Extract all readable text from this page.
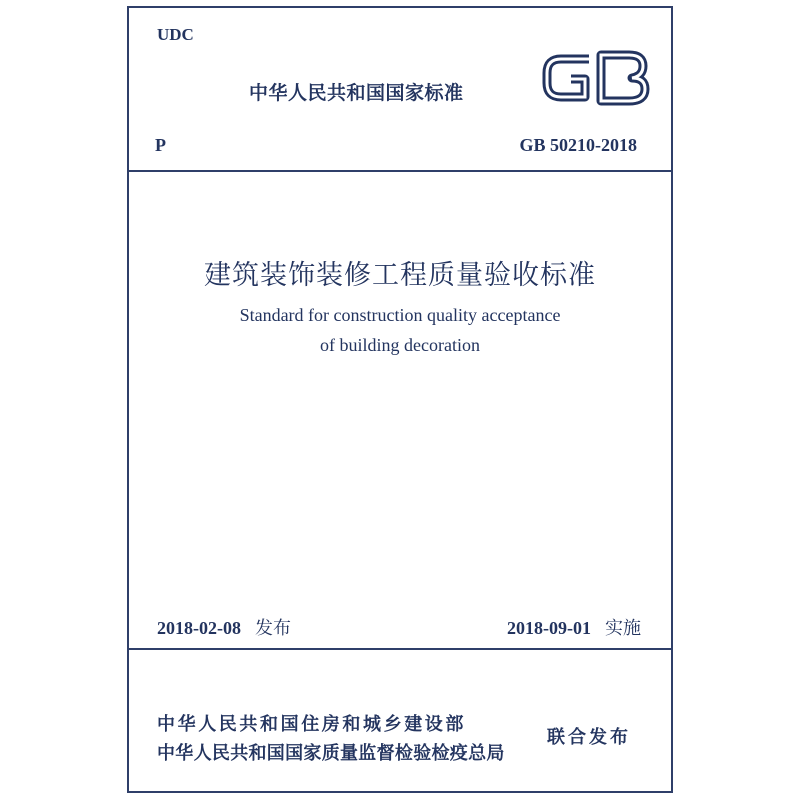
UDC
中华人民共和国国家标准
P	GB 50210-2018
建筑装饰装修工程质量验收标准
Standard for construction quality acceptance
of building decoration
2018-02-08 发布	2018-09-01 实施
中华人民共和国住房和城乡建设部
中华人民共和国国家质量监督检验检疫总局
联合发布
